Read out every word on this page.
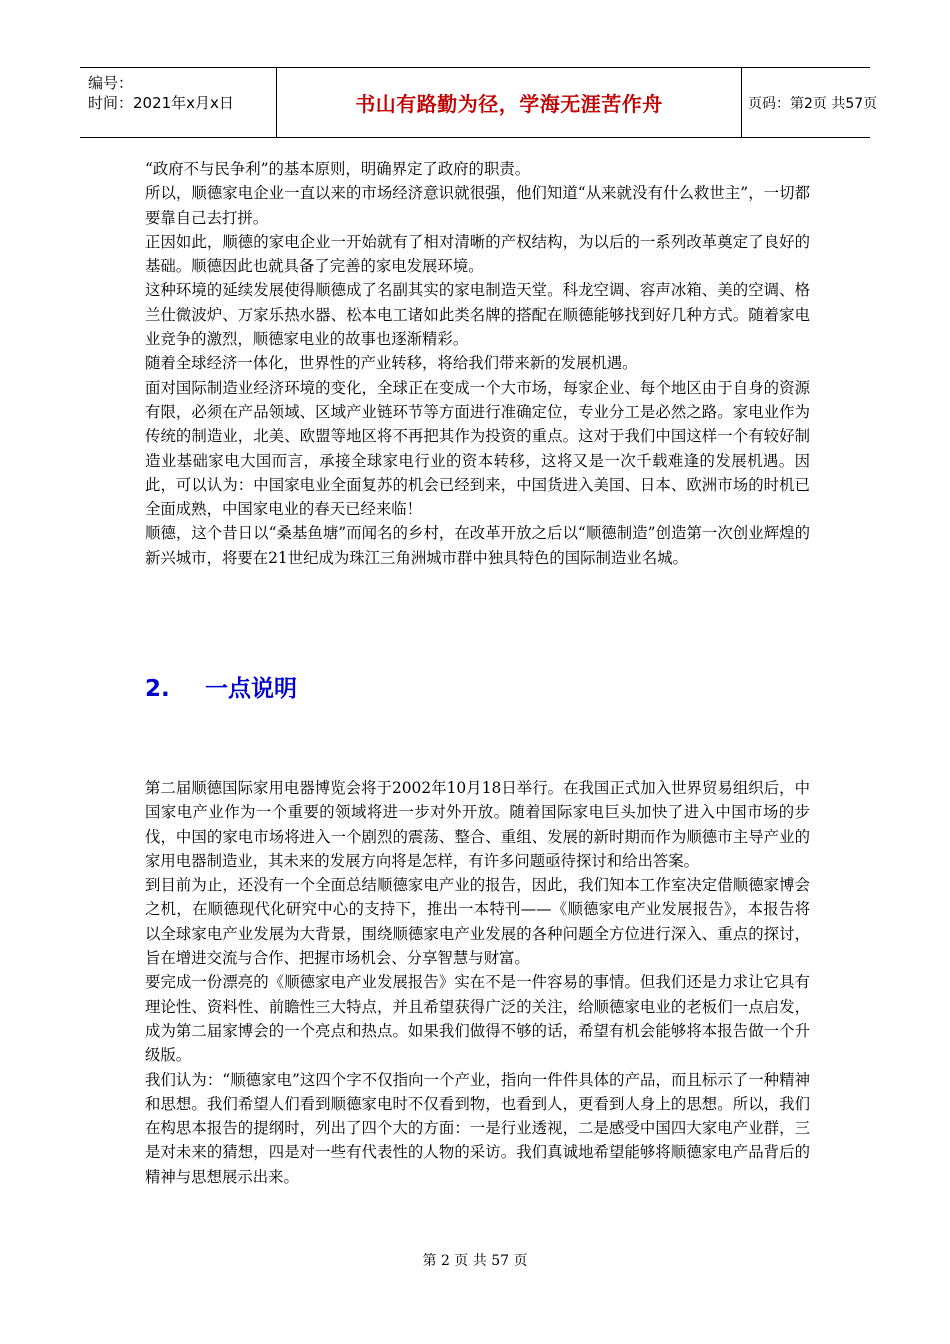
编号：
时间：2021年x月x日	书山有路勤为径，学海无涯苦作舟	页码：第2页 共57页

“政府不与民争利”的基本原则，明确界定了政府的职责。

所以，顺德家电企业一直以来的市场经济意识就很强，他们知道“从来就没有什么救世主”，一切都要靠自己去打拼。

正因如此，顺德的家电企业一开始就有了相对清晰的产权结构，为以后的一系列改革奠定了良好的基础。顺德因此也就具备了完善的家电发展环境。

这种环境的延续发展使得顺德成了名副其实的家电制造天堂。科龙空调、容声冰箱、美的空调、格兰仕微波炉、万家乐热水器、松本电工诸如此类名牌的搭配在顺德能够找到好几种方式。随着家电业竞争的激烈，顺德家电业的故事也逐渐精彩。

随着全球经济一体化，世界性的产业转移，将给我们带来新的发展机遇。

面对国际制造业经济环境的变化，全球正在变成一个大市场，每家企业、每个地区由于自身的资源有限，必须在产品领域、区域产业链环节等方面进行准确定位，专业分工是必然之路。家电业作为传统的制造业，北美、欧盟等地区将不再把其作为投资的重点。这对于我们中国这样一个有较好制造业基础家电大国而言，承接全球家电行业的资本转移，这将又是一次千载难逢的发展机遇。因此，可以认为：中国家电业全面复苏的机会已经到来，中国货进入美国、日本、欧洲市场的时机已全面成熟，中国家电业的春天已经来临！

顺德，这个昔日以“桑基鱼塘”而闻名的乡村，在改革开放之后以“顺德制造”创造第一次创业辉煌的新兴城市，将要在21世纪成为珠江三角洲城市群中独具特色的国际制造业名城。

2. 一点说明

第二届顺德国际家用电器博览会将于2002年10月18日举行。在我国正式加入世界贸易组织后，中国家电产业作为一个重要的领域将进一步对外开放。随着国际家电巨头加快了进入中国市场的步伐，中国的家电市场将进入一个剧烈的震荡、整合、重组、发展的新时期而作为顺德市主导产业的家用电器制造业，其未来的发展方向将是怎样，有许多问题亟待探讨和给出答案。

到目前为止，还没有一个全面总结顺德家电产业的报告，因此，我们知本工作室决定借顺德家博会之机，在顺德现代化研究中心的支持下，推出一本特刊——《顺德家电产业发展报告》，本报告将以全球家电产业发展为大背景，围绕顺德家电产业发展的各种问题全方位进行深入、重点的探讨，旨在增进交流与合作、把握市场机会、分享智慧与财富。

要完成一份漂亮的《顺德家电产业发展报告》实在不是一件容易的事情。但我们还是力求让它具有理论性、资料性、前瞻性三大特点，并且希望获得广泛的关注，给顺德家电业的老板们一点启发，成为第二届家博会的一个亮点和热点。如果我们做得不够的话，希望有机会能够将本报告做一个升级版。

我们认为：“顺德家电”这四个字不仅指向一个产业，指向一件件具体的产品，而且标示了一种精神和思想。我们希望人们看到顺德家电时不仅看到物，也看到人，更看到人身上的思想。所以，我们在构思本报告的提纲时，列出了四个大的方面：一是行业透视，二是感受中国四大家电产业群，三是对未来的猜想，四是对一些有代表性的人物的采访。我们真诚地希望能够将顺德家电产品背后的精神与思想展示出来。

第 2 页 共 57 页
